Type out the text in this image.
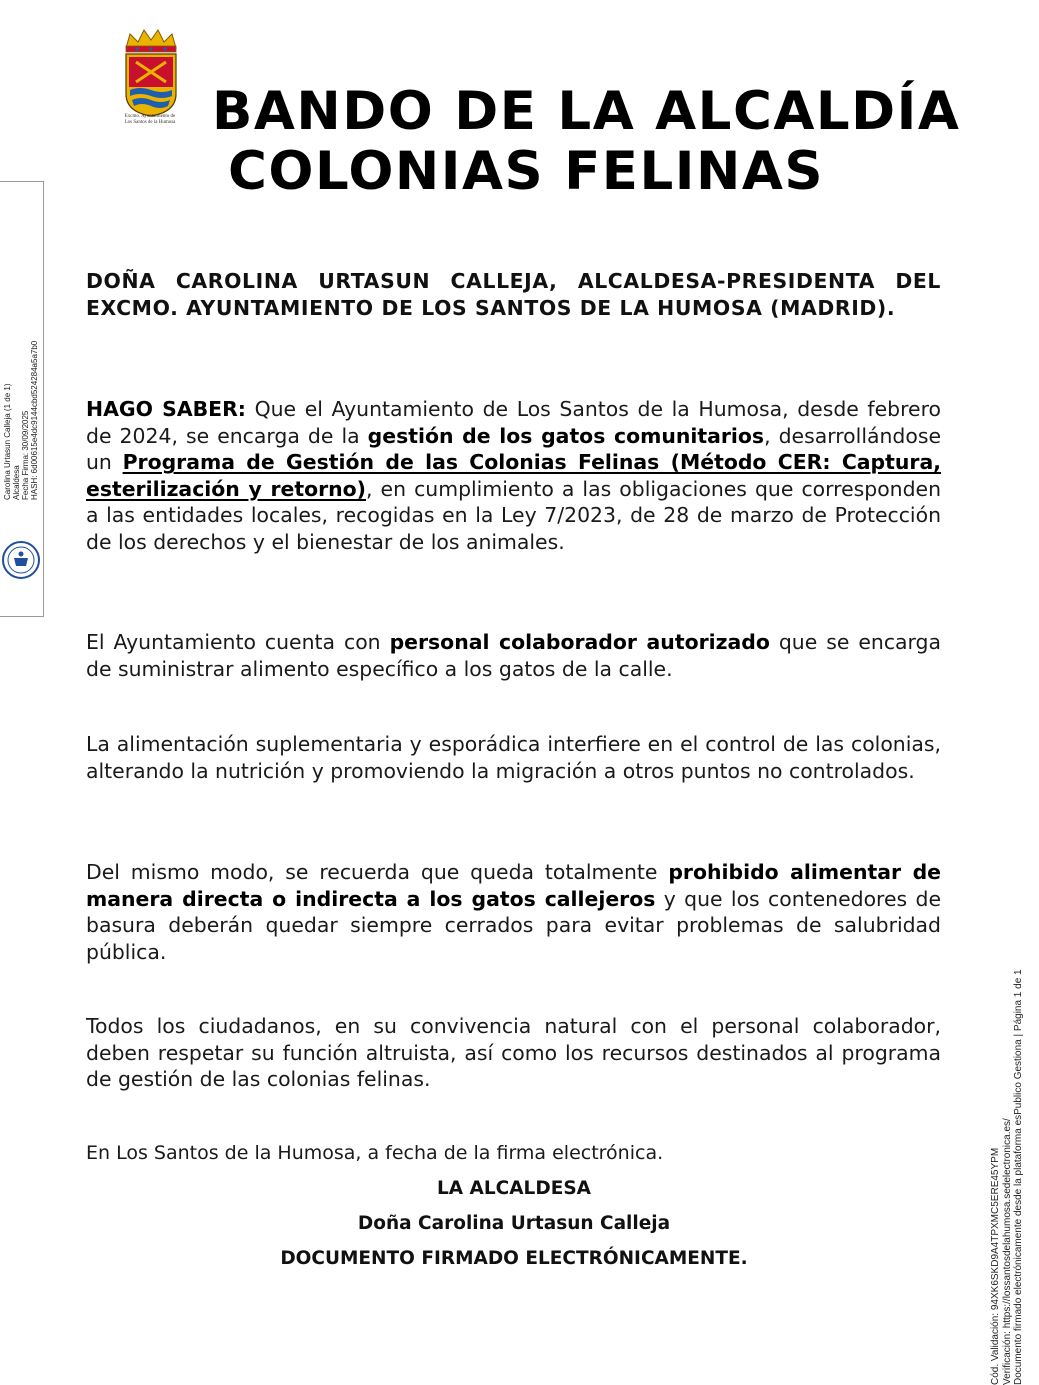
Excmo. Ayuntamiento de
Los Santos de la Humosa BANDO DE LA ALCALDÍA
COLONIAS FELINAS
Carolina Urtasun Calleja (1 de 1) Alcaldesa Fecha Firma: 30/09/2025 HASH: 6d00615e4dc9144cbd524284a5a7b0
Cód. Validación: 94XK6SKD9A4TPXMC5ERE45YPM Verificación: https://lossantosdelahumosa.sedelectronica.es/ Documento firmado electrónicamente desde la plataforma esPublico Gestiona | Página 1 de 1

DOÑA CAROLINA URTASUN CALLEJA, ALCALDESA-PRESIDENTA DEL EXCMO. AYUNTAMIENTO DE LOS SANTOS DE LA HUMOSA (MADRID).

HAGO SABER: Que el Ayuntamiento de Los Santos de la Humosa, desde febrero de 2024, se encarga de la gestión de los gatos comunitarios, desarrollándose un Programa de Gestión de las Colonias Felinas (Método CER: Captura, esterilización y retorno), en cumplimiento a las obligaciones que corresponden a las entidades locales, recogidas en la Ley 7/2023, de 28 de marzo de Protección de los derechos y el bienestar de los animales.

El Ayuntamiento cuenta con personal colaborador autorizado que se encarga de suministrar alimento específico a los gatos de la calle.

La alimentación suplementaria y esporádica interfiere en el control de las colonias, alterando la nutrición y promoviendo la migración a otros puntos no controlados.

Del mismo modo, se recuerda que queda totalmente prohibido alimentar de manera directa o indirecta a los gatos callejeros y que los contenedores de basura deberán quedar siempre cerrados para evitar problemas de salubridad pública.

Todos los ciudadanos, en su convivencia natural con el personal colaborador, deben respetar su función altruista, así como los recursos destinados al programa de gestión de las colonias felinas.

En Los Santos de la Humosa, a fecha de la firma electrónica.

LA ALCALDESA

Doña Carolina Urtasun Calleja

DOCUMENTO FIRMADO ELECTRÓNICAMENTE.
